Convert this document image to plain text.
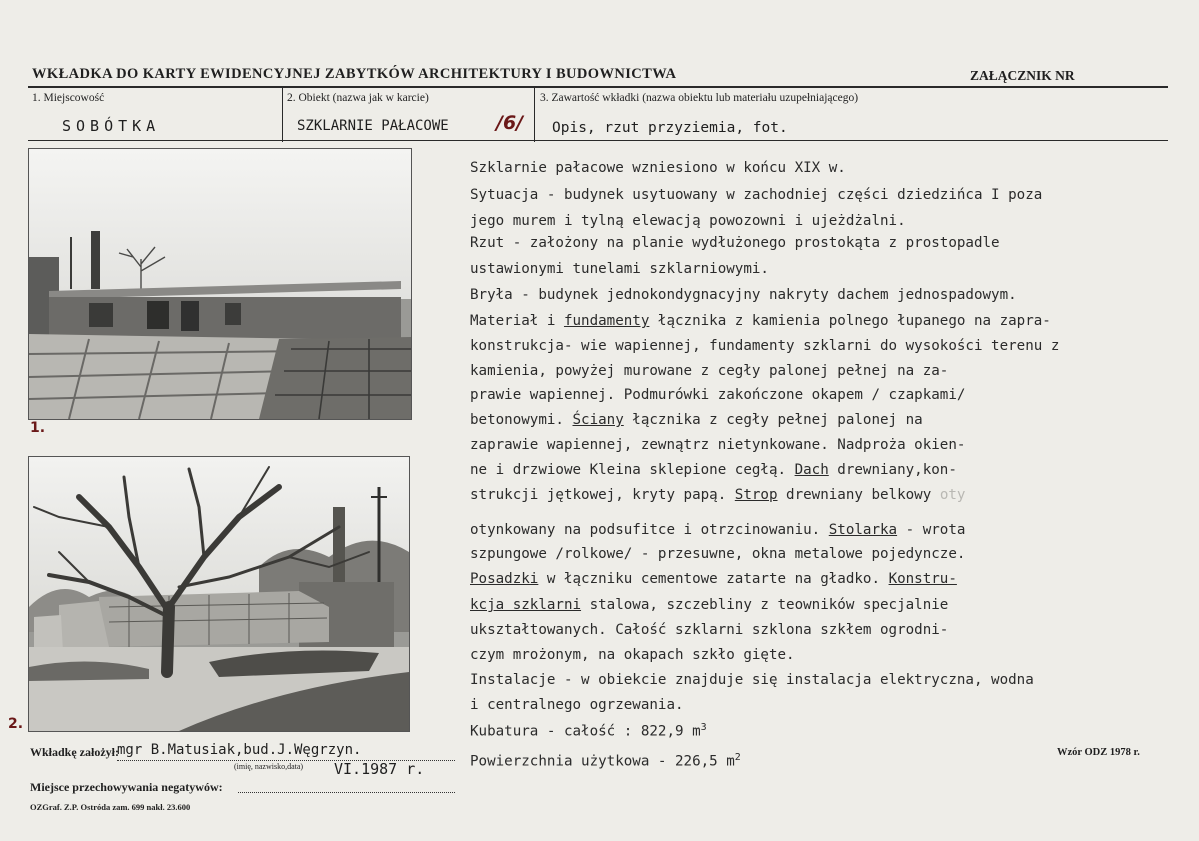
WKŁADKA DO KARTY EWIDENCYJNEJ ZABYTKÓW ARCHITEKTURY I BUDOWNICTWA	ZAŁĄCZNIK NR
1. Miejscowość
SOBÓTKA
2. Obiekt (nazwa jak w karcie)
SZKLARNIE PAŁACOWE /6/
3. Zawartość wkładki (nazwa obiektu lub materiału uzupełniającego)
Opis, rzut przyziemia, fot.
1.
2.
Szklarnie pałacowe wzniesiono w końcu XIX w.
Sytuacja - budynek usytuowany w zachodniej części dziedzińca I poza
jego murem i tylną elewacją powozowni i ujeżdżalni.
Rzut - założony na planie wydłużonego prostokąta z prostopadle
ustawionymi tunelami szklarniowymi.
Bryła - budynek jednokondygnacyjny nakryty dachem jednospadowym.
Materiał i fundamenty łącznika z kamienia polnego łupanego na zapra-
konstrukcja- wie wapiennej, fundamenty szklarni do wysokości terenu z
kamienia, powyżej murowane z cegły palonej pełnej na za-
prawie wapiennej. Podmurówki zakończone okapem / czapkami/
betonowymi. Ściany łącznika z cegły pełnej palonej na
zaprawie wapiennej, zewnątrz nietynkowane. Nadproża okien-
ne i drzwiowe Kleina sklepione cegłą. Dach drewniany,kon-
strukcji jętkowej, kryty papą. Strop drewniany belkowy oty
otynkowany na podsufitce i otrzcinowaniu. Stolarka - wrota
szpungowe /rolkowe/ - przesuwne, okna metalowe pojedyncze.
Posadzki w łączniku cementowe zatarte na gładko. Konstru-
kcja szklarni stalowa, szczebliny z teowników specjalnie
ukształtowanych. Całość szklarni szklona szkłem ogrodni-
czym mrożonym, na okapach szkło gięte.
Instalacje - w obiekcie znajduje się instalacja elektryczna, wodna
i centralnego ogrzewania.
Kubatura - całość : 822,9 $m^3$
Powierzchnia użytkowa - 226,5 $m^2$
Wkładkę założył:
mgr B.Matusiak,bud.J.Węgrzyn.
(imię, nazwisko,data) VI.1987 r.
Miejsce przechowywania negatywów:
OZGraf. Z.P. Ostróda zam. 699 nakł. 23.600
Wzór ODZ 1978 r.
